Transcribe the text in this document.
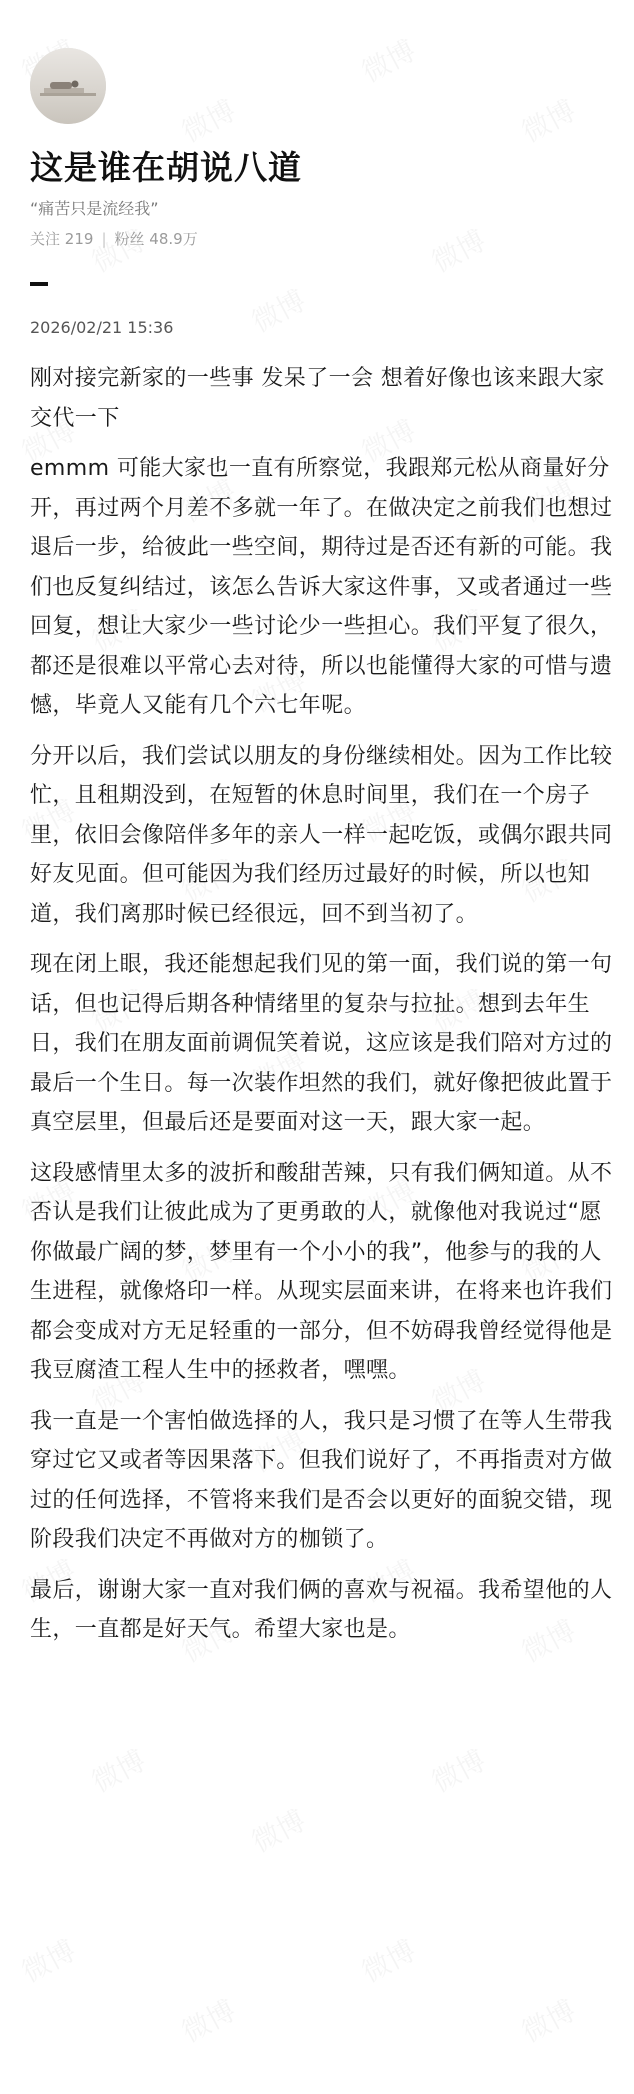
这是谁在胡说八道
“痛苦只是流经我”
关注 219 | 粉丝 48.9万
2026/02/21 15:36

刚对接完新家的一些事 发呆了一会 想着好像也该来跟大家交代一下

emmm 可能大家也一直有所察觉，我跟郑元松从商量好分开，再过两个月差不多就一年了。在做决定之前我们也想过退后一步，给彼此一些空间，期待过是否还有新的可能。我们也反复纠结过，该怎么告诉大家这件事，又或者通过一些回复，想让大家少一些讨论少一些担心。我们平复了很久，都还是很难以平常心去对待，所以也能懂得大家的可惜与遗憾，毕竟人又能有几个六七年呢。

分开以后，我们尝试以朋友的身份继续相处。因为工作比较忙，且租期没到，在短暂的休息时间里，我们在一个房子里，依旧会像陪伴多年的亲人一样一起吃饭，或偶尔跟共同好友见面。但可能因为我们经历过最好的时候，所以也知道，我们离那时候已经很远，回不到当初了。

现在闭上眼，我还能想起我们见的第一面，我们说的第一句话，但也记得后期各种情绪里的复杂与拉扯。想到去年生日，我们在朋友面前调侃笑着说，这应该是我们陪对方过的最后一个生日。每一次装作坦然的我们，就好像把彼此置于真空层里，但最后还是要面对这一天，跟大家一起。

这段感情里太多的波折和酸甜苦辣，只有我们俩知道。从不否认是我们让彼此成为了更勇敢的人，就像他对我说过“愿你做最广阔的梦，梦里有一个小小的我”，他参与的我的人生进程，就像烙印一样。从现实层面来讲，在将来也许我们都会变成对方无足轻重的一部分，但不妨碍我曾经觉得他是我豆腐渣工程人生中的拯救者，嘿嘿。

我一直是一个害怕做选择的人，我只是习惯了在等人生带我穿过它又或者等因果落下。但我们说好了，不再指责对方做过的任何选择，不管将来我们是否会以更好的面貌交错，现阶段我们决定不再做对方的枷锁了。

最后，谢谢大家一直对我们俩的喜欢与祝福。我希望他的人生，一直都是好天气。希望大家也是。
